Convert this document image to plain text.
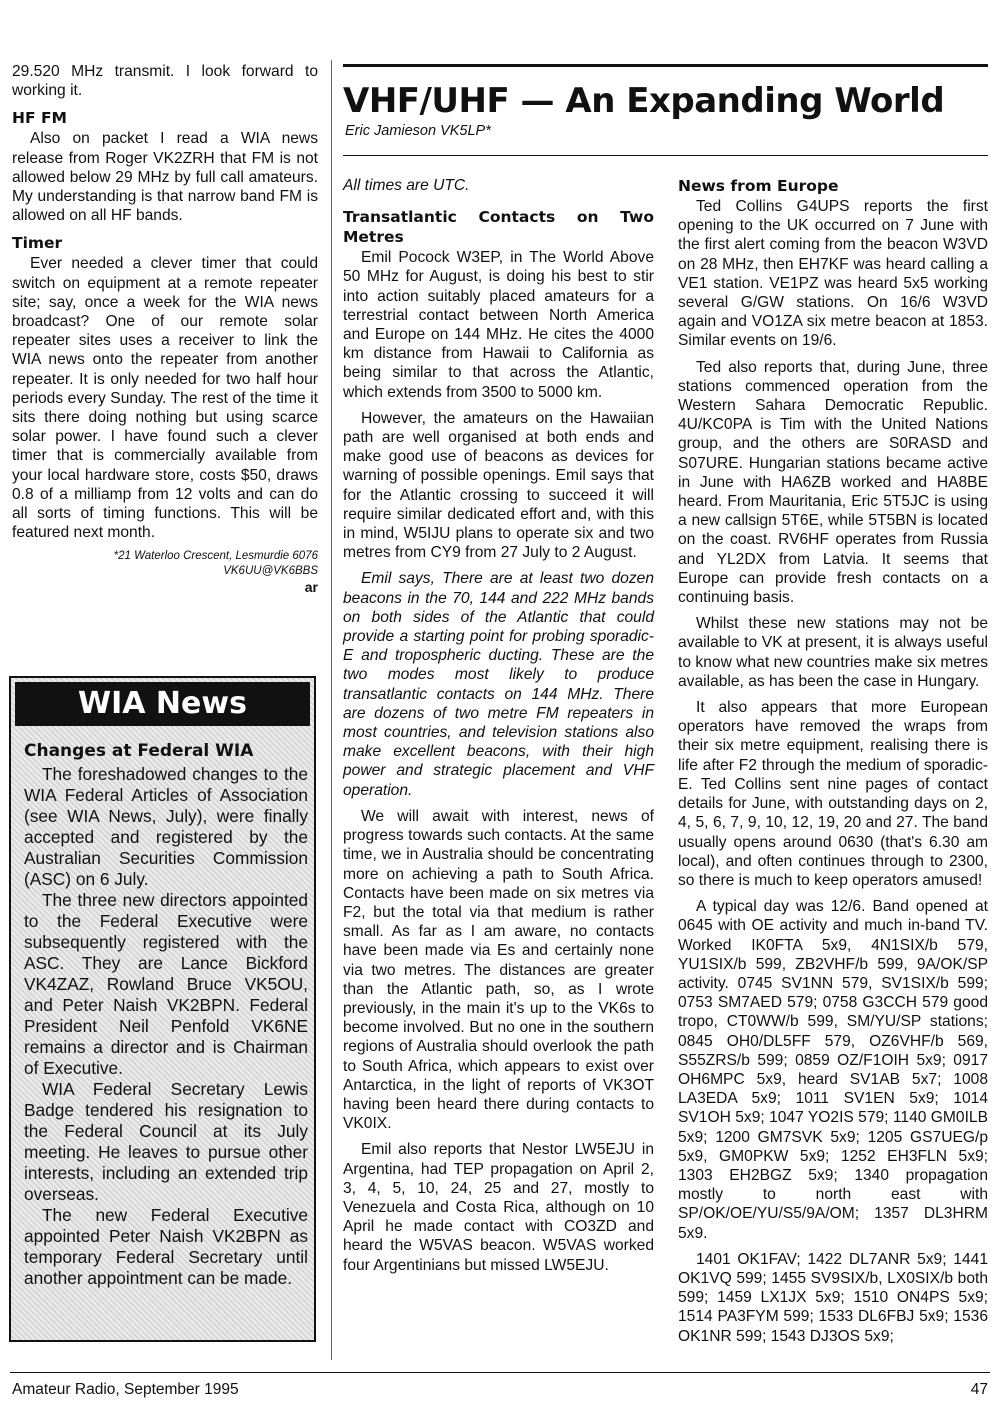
29.520 MHz transmit. I look forward to working it.

HF FM

Also on packet I read a WIA news release from Roger VK2ZRH that FM is not allowed below 29 MHz by full call amateurs. My understanding is that narrow band FM is allowed on all HF bands.

Timer

Ever needed a clever timer that could switch on equipment at a remote repeater site; say, once a week for the WIA news broadcast? One of our remote solar repeater sites uses a receiver to link the WIA news onto the repeater from another repeater. It is only needed for two half hour periods every Sunday. The rest of the time it sits there doing nothing but using scarce solar power. I have found such a clever timer that is commercially available from your local hardware store, costs $50, draws 0.8 of a milliamp from 12 volts and can do all sorts of timing functions. This will be featured next month.

*21 Waterloo Crescent, Lesmurdie 6076
VK6UU@VK6BBS
ar
WIA News
Changes at Federal WIA

The foreshadowed changes to the WIA Federal Articles of Association (see WIA News, July), were finally accepted and registered by the Australian Securities Commission (ASC) on 6 July.

The three new directors appointed to the Federal Executive were subsequently registered with the ASC. They are Lance Bickford VK4ZAZ, Rowland Bruce VK5OU, and Peter Naish VK2BPN. Federal President Neil Penfold VK6NE remains a director and is Chairman of Executive.

WIA Federal Secretary Lewis Badge tendered his resignation to the Federal Council at its July meeting. He leaves to pursue other interests, including an extended trip overseas.

The new Federal Executive appointed Peter Naish VK2BPN as temporary Federal Secretary until another appointment can be made.

VHF/UHF — An Expanding World
Eric Jamieson VK5LP*

All times are UTC.

Transatlantic Contacts on Two Metres

Emil Pocock W3EP, in The World Above 50 MHz for August, is doing his best to stir into action suitably placed amateurs for a terrestrial contact between North America and Europe on 144 MHz. He cites the 4000 km distance from Hawaii to California as being similar to that across the Atlantic, which extends from 3500 to 5000 km.

However, the amateurs on the Hawaiian path are well organised at both ends and make good use of beacons as devices for warning of possible openings. Emil says that for the Atlantic crossing to succeed it will require similar dedicated effort and, with this in mind, W5IJU plans to operate six and two metres from CY9 from 27 July to 2 August.

Emil says, There are at least two dozen beacons in the 70, 144 and 222 MHz bands on both sides of the Atlantic that could provide a starting point for probing sporadic-E and tropospheric ducting. These are the two modes most likely to produce transatlantic contacts on 144 MHz. There are dozens of two metre FM repeaters in most countries, and television stations also make excellent beacons, with their high power and strategic placement and VHF operation.

We will await with interest, news of progress towards such contacts. At the same time, we in Australia should be concentrating more on achieving a path to South Africa. Contacts have been made on six metres via F2, but the total via that medium is rather small. As far as I am aware, no contacts have been made via Es and certainly none via two metres. The distances are greater than the Atlantic path, so, as I wrote previously, in the main it's up to the VK6s to become involved. But no one in the southern regions of Australia should overlook the path to South Africa, which appears to exist over Antarctica, in the light of reports of VK3OT having been heard there during contacts to VK0IX.

Emil also reports that Nestor LW5EJU in Argentina, had TEP propagation on April 2, 3, 4, 5, 10, 24, 25 and 27, mostly to Venezuela and Costa Rica, although on 10 April he made contact with CO3ZD and heard the W5VAS beacon. W5VAS worked four Argentinians but missed LW5EJU.

News from Europe

Ted Collins G4UPS reports the first opening to the UK occurred on 7 June with the first alert coming from the beacon W3VD on 28 MHz, then EH7KF was heard calling a VE1 station. VE1PZ was heard 5x5 working several G/GW stations. On 16/6 W3VD again and VO1ZA six metre beacon at 1853. Similar events on 19/6.

Ted also reports that, during June, three stations commenced operation from the Western Sahara Democratic Republic. 4U/KC0PA is Tim with the United Nations group, and the others are S0RASD and S07URE. Hungarian stations became active in June with HA6ZB worked and HA8BE heard. From Mauritania, Eric 5T5JC is using a new callsign 5T6E, while 5T5BN is located on the coast. RV6HF operates from Russia and YL2DX from Latvia. It seems that Europe can provide fresh contacts on a continuing basis.

Whilst these new stations may not be available to VK at present, it is always useful to know what new countries make six metres available, as has been the case in Hungary.

It also appears that more European operators have removed the wraps from their six metre equipment, realising there is life after F2 through the medium of sporadic-E. Ted Collins sent nine pages of contact details for June, with outstanding days on 2, 4, 5, 6, 7, 9, 10, 12, 19, 20 and 27. The band usually opens around 0630 (that's 6.30 am local), and often continues through to 2300, so there is much to keep operators amused!

A typical day was 12/6. Band opened at 0645 with OE activity and much in-band TV. Worked IK0FTA 5x9, 4N1SIX/b 579, YU1SIX/b 599, ZB2VHF/b 599, 9A/OK/SP activity. 0745 SV1NN 579, SV1SIX/b 599; 0753 SM7AED 579; 0758 G3CCH 579 good tropo, CT0WW/b 599, SM/YU/SP stations; 0845 OH0/DL5FF 579, OZ6VHF/b 569, S55ZRS/b 599; 0859 OZ/F1OIH 5x9; 0917 OH6MPC 5x9, heard SV1AB 5x7; 1008 LA3EDA 5x9; 1011 SV1EN 5x9; 1014 SV1OH 5x9; 1047 YO2IS 579; 1140 GM0ILB 5x9; 1200 GM7SVK 5x9; 1205 GS7UEG/p 5x9, GM0PKW 5x9; 1252 EH3FLN 5x9; 1303 EH2BGZ 5x9; 1340 propagation mostly to north east with SP/OK/OE/YU/S5/9A/OM; 1357 DL3HRM 5x9.

1401 OK1FAV; 1422 DL7ANR 5x9; 1441 OK1VQ 599; 1455 SV9SIX/b, LX0SIX/b both 599; 1459 LX1JX 5x9; 1510 ON4PS 5x9; 1514 PA3FYM 599; 1533 DL6FBJ 5x9; 1536 OK1NR 599; 1543 DJ3OS 5x9;

Amateur Radio, September 1995	47
